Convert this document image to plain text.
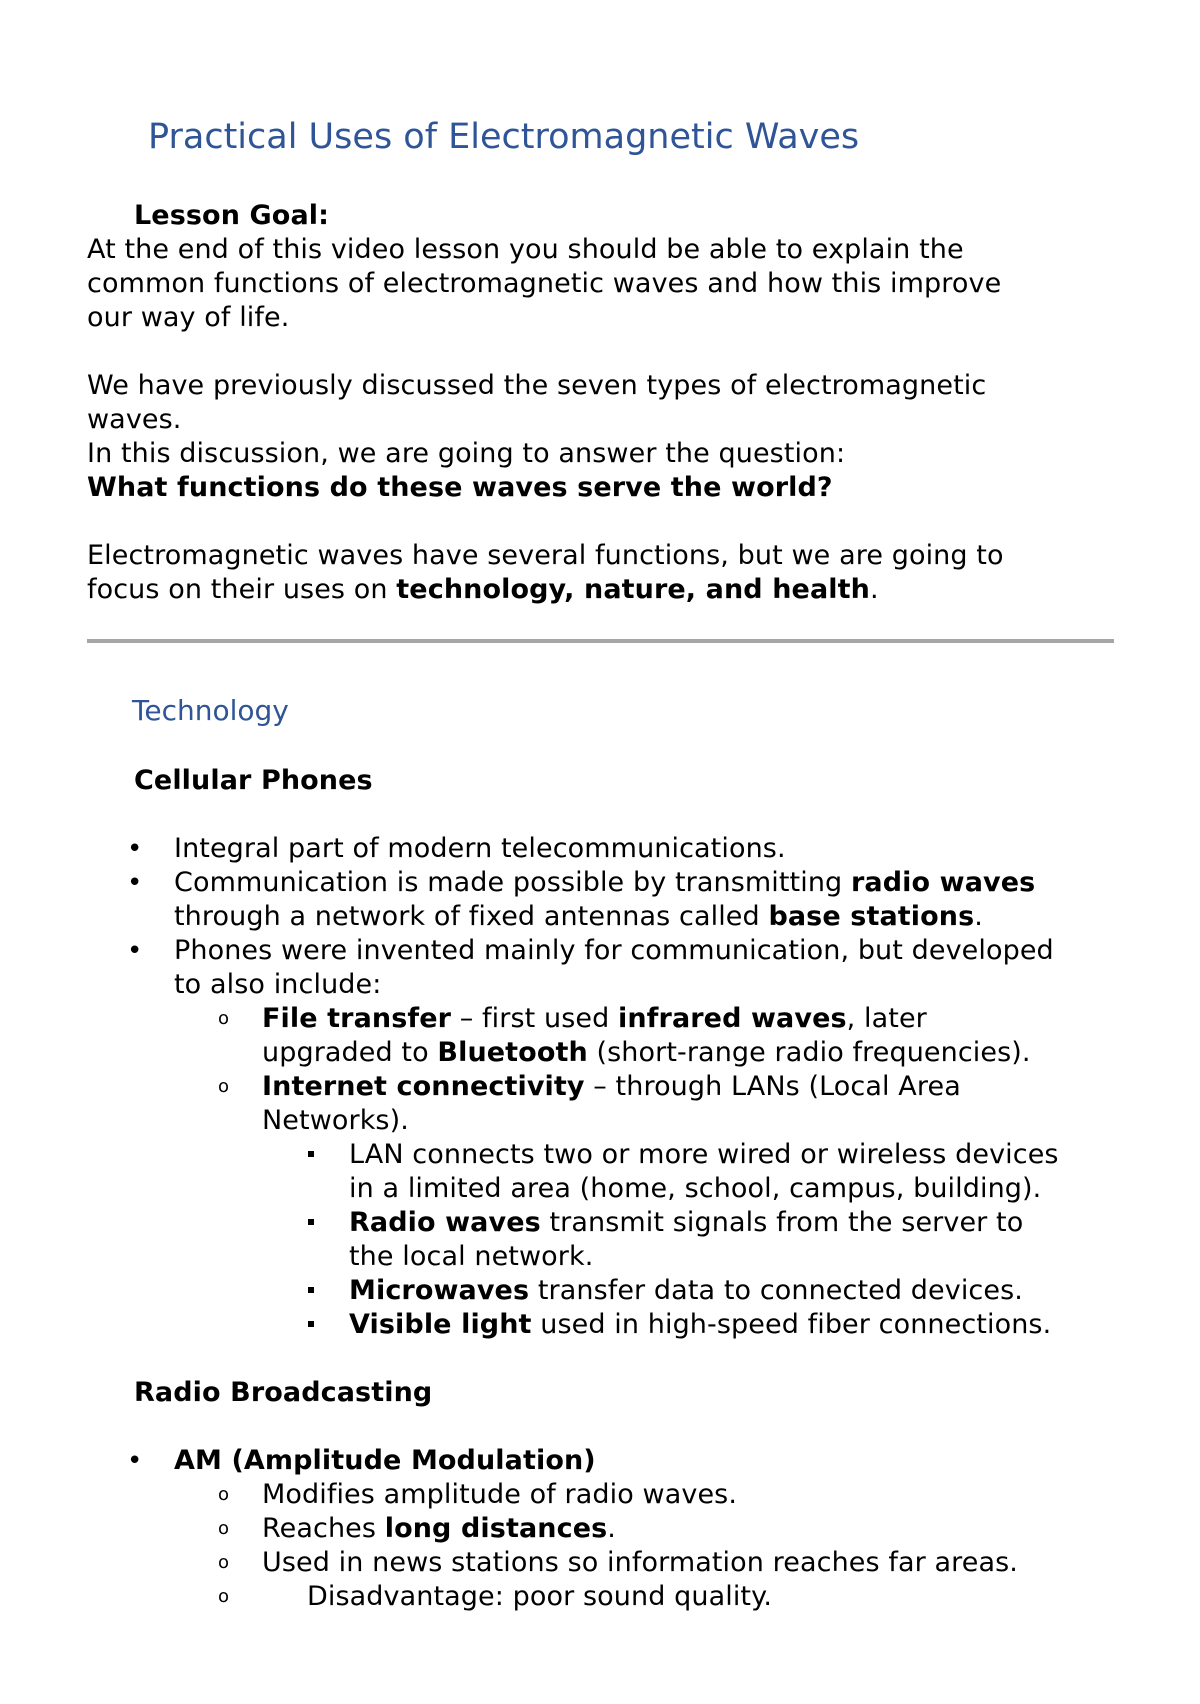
Practical Uses of Electromagnetic Waves
Lesson Goal:
At the end of this video lesson you should be able to explain the
common functions of electromagnetic waves and how this improve
our way of life.
We have previously discussed the seven types of electromagnetic
waves.
In this discussion, we are going to answer the question:
What functions do these waves serve the world?
Electromagnetic waves have several functions, but we are going to
focus on their uses on technology, nature, and health.
Technology
Cellular Phones
• Integral part of modern telecommunications.
• Communication is made possible by transmitting radio waves
through a network of fixed antennas called base stations.
• Phones were invented mainly for communication, but developed
to also include:
o File transfer – first used infrared waves, later
upgraded to Bluetooth (short-range radio frequencies).
o Internet connectivity – through LANs (Local Area
Networks).
LAN connects two or more wired or wireless devices
in a limited area (home, school, campus, building).
Radio waves transmit signals from the server to
the local network.
Microwaves transfer data to connected devices.
Visible light used in high-speed fiber connections.
Radio Broadcasting
• AM (Amplitude Modulation)
o Modifies amplitude of radio waves.
o Reaches long distances.
o Used in news stations so information reaches far areas.
o	Disadvantage: poor sound quality.
